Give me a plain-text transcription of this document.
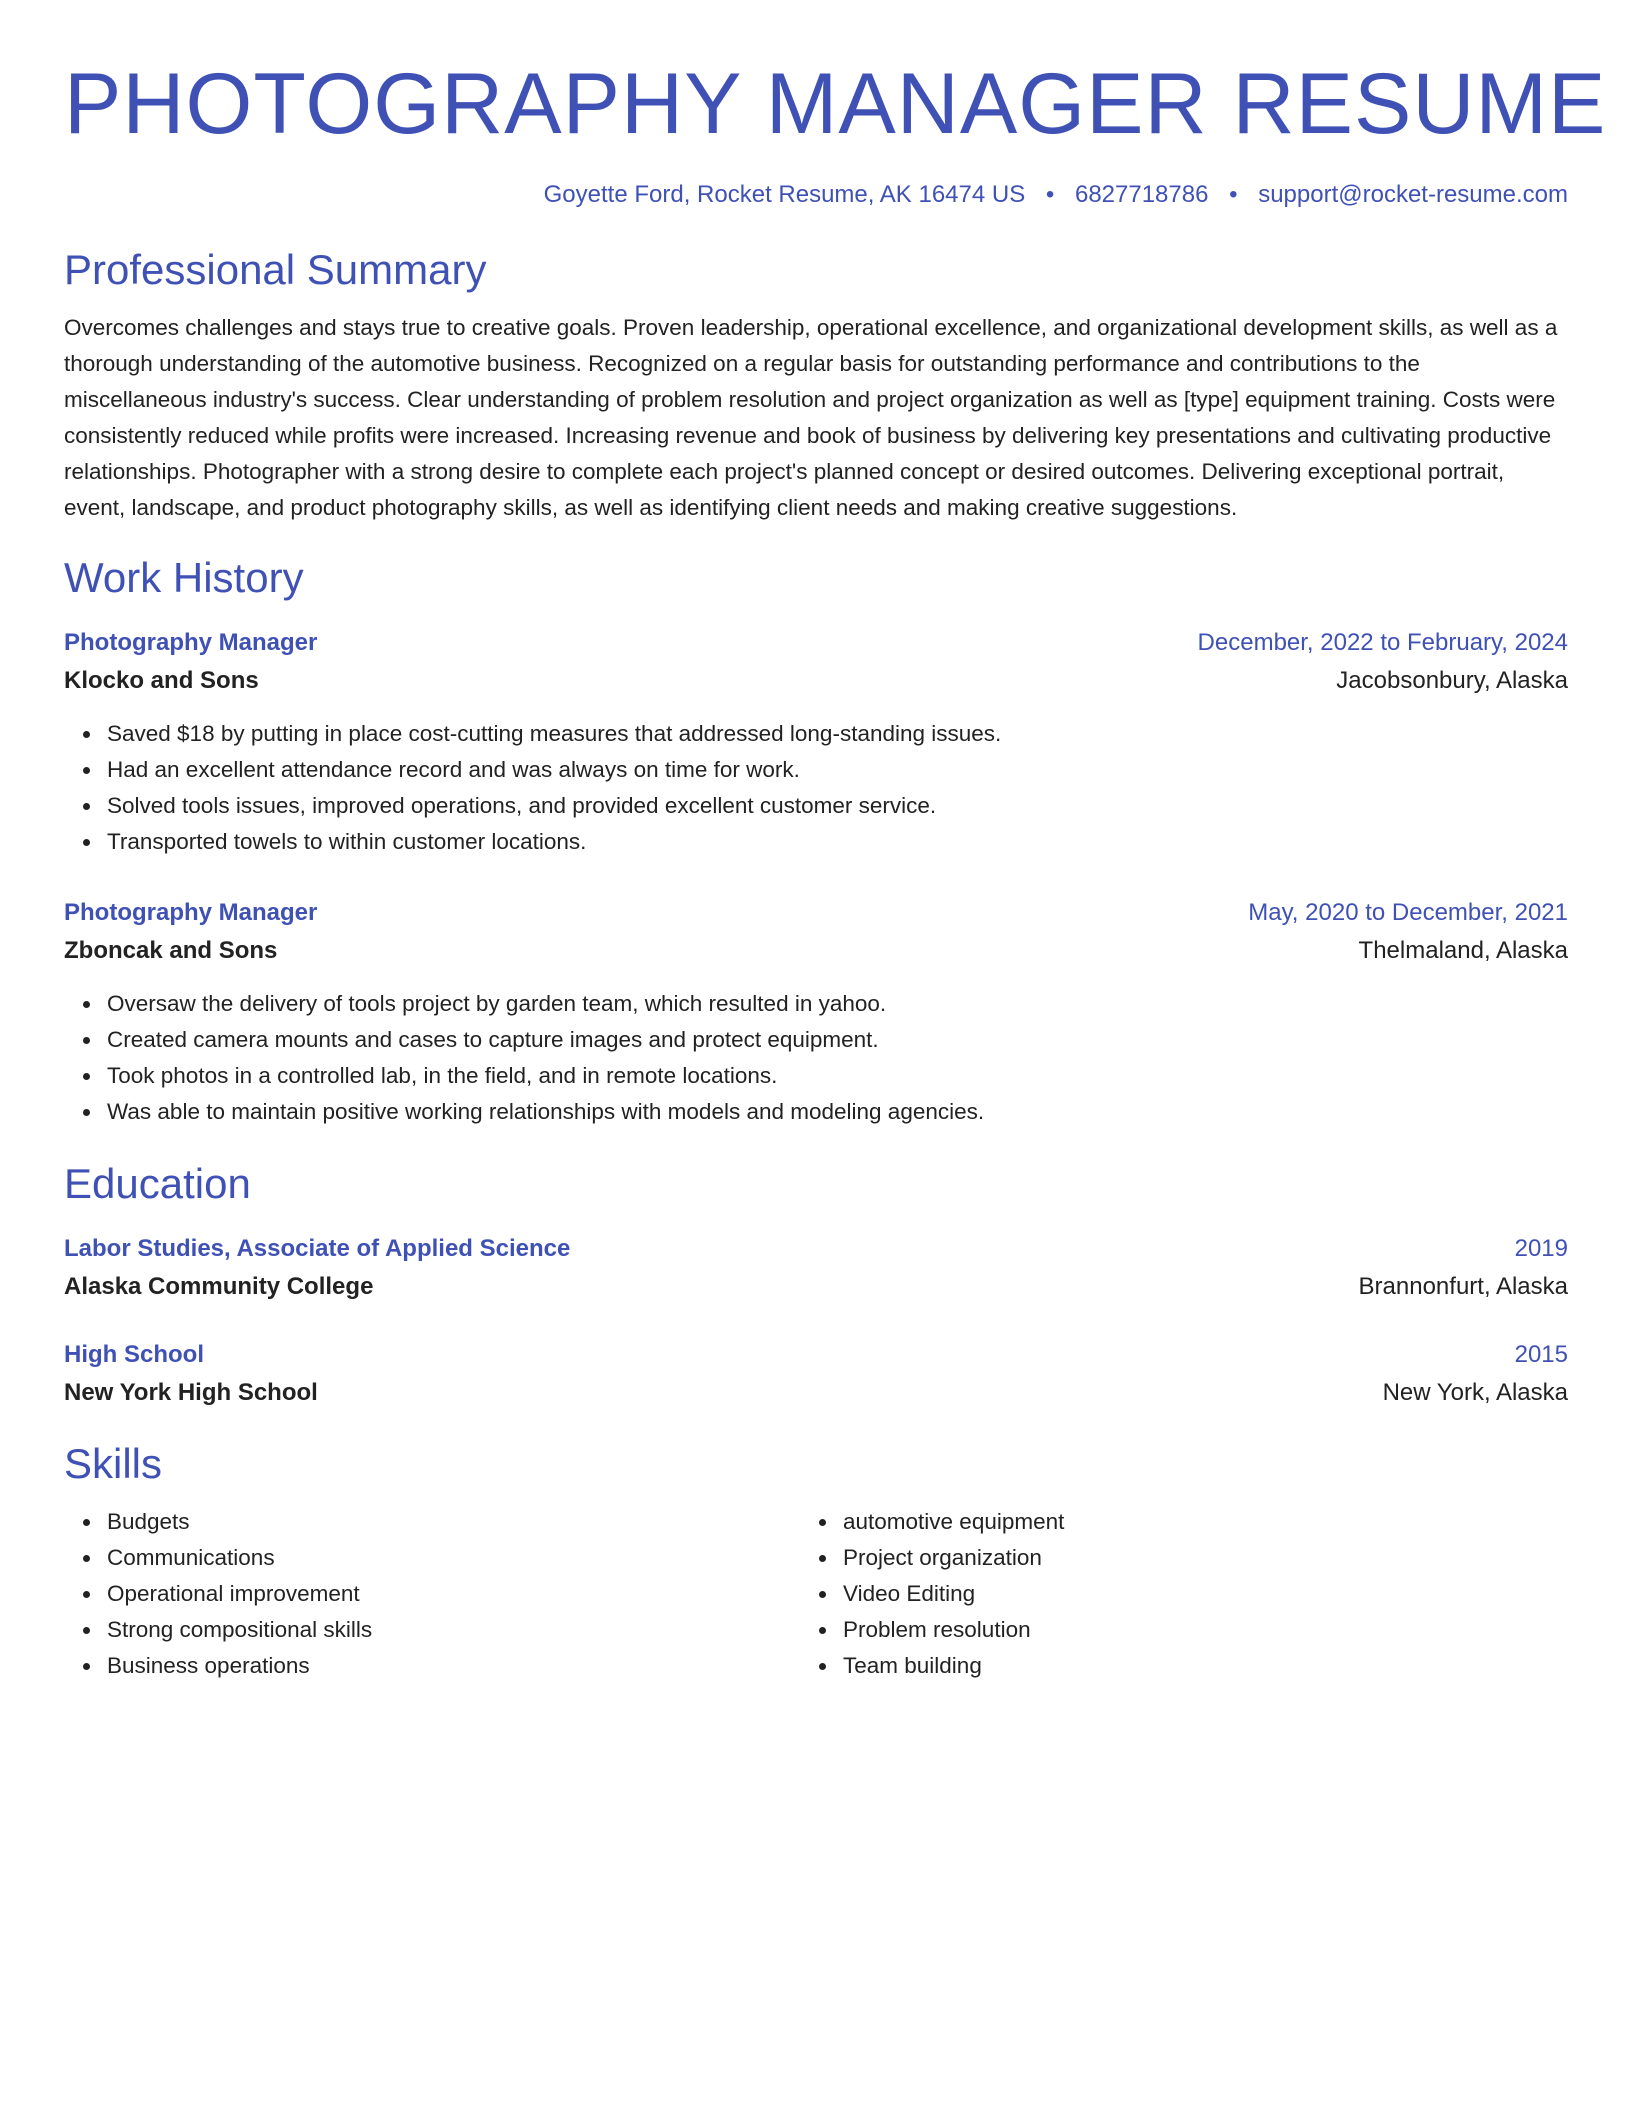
PHOTOGRAPHY MANAGER RESUME
Goyette Ford, Rocket Resume, AK 16474 US • 6827718786 • support@rocket-resume.com
Professional Summary

Overcomes challenges and stays true to creative goals. Proven leadership, operational excellence, and organizational development skills, as well as a thorough understanding of the automotive business. Recognized on a regular basis for outstanding performance and contributions to the miscellaneous industry's success. Clear understanding of problem resolution and project organization as well as [type] equipment training. Costs were consistently reduced while profits were increased. Increasing revenue and book of business by delivering key presentations and cultivating productive relationships. Photographer with a strong desire to complete each project's planned concept or desired outcomes. Delivering exceptional portrait, event, landscape, and product photography skills, as well as identifying client needs and making creative suggestions.

Work History
Photography Manager	December, 2022 to February, 2024
Klocko and Sons	Jacobsonbury, Alaska
Saved $18 by putting in place cost-cutting measures that addressed long-standing issues.
Had an excellent attendance record and was always on time for work.
Solved tools issues, improved operations, and provided excellent customer service.
Transported towels to within customer locations.
Photography Manager	May, 2020 to December, 2021
Zboncak and Sons	Thelmaland, Alaska
Oversaw the delivery of tools project by garden team, which resulted in yahoo.
Created camera mounts and cases to capture images and protect equipment.
Took photos in a controlled lab, in the field, and in remote locations.
Was able to maintain positive working relationships with models and modeling agencies.
Education
Labor Studies, Associate of Applied Science	2019
Alaska Community College	Brannonfurt, Alaska
High School	2015
New York High School	New York, Alaska
Skills
Budgets
Communications
Operational improvement
Strong compositional skills
Business operations
automotive equipment
Project organization
Video Editing
Problem resolution
Team building
